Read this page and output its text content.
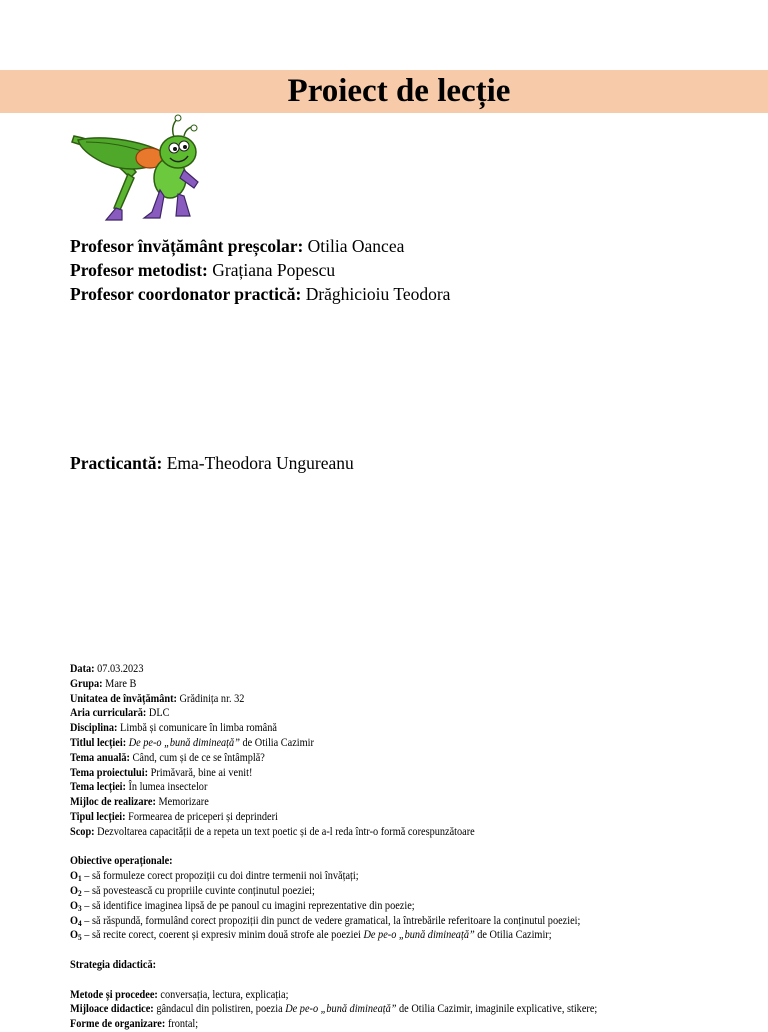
Proiect de lecție
Profesor învățământ preșcolar: Otilia Oancea
Profesor metodist: Grațiana Popescu
Profesor coordonator practică: Drăghicioiu Teodora
Practicantă: Ema-Theodora Ungureanu
Data: 07.03.2023
Grupa: Mare B
Unitatea de învățământ: Grădinița nr. 32
Aria curriculară: DLC
Disciplina: Limbă și comunicare în limba română
Titlul lecției: De pe-o „bună dimineață” de Otilia Cazimir
Tema anuală: Când, cum și de ce se întâmplă?
Tema proiectului: Primăvară, bine ai venit!
Tema lecției: În lumea insectelor
Mijloc de realizare: Memorizare
Tipul lecției: Formearea de priceperi și deprinderi
Scop: Dezvoltarea capacității de a repeta un text poetic și de a-l reda într-o formă corespunzătoare
Obiective operaționale:
$O_1$ – să formuleze corect propoziții cu doi dintre termenii noi învățați;
$O_2$ – să povestească cu propriile cuvinte conținutul poeziei;
$O_3$ – să identifice imaginea lipsă de pe panoul cu imagini reprezentative din poezie;
$O_4$ – să răspundă, formulând corect propoziții din punct de vedere gramatical, la întrebările referitoare la conținutul poeziei;
$O_5$ – să recite corect, coerent și expresiv minim două strofe ale poeziei De pe-o „bună dimineață” de Otilia Cazimir;
Strategia didactică:
Metode și procedee: conversația, lectura, explicația;
Mijloace didactice: gândacul din polistiren, poezia De pe-o „bună dimineață” de Otilia Cazimir, imaginile explicative, stikere;
Forme de organizare: frontal;
